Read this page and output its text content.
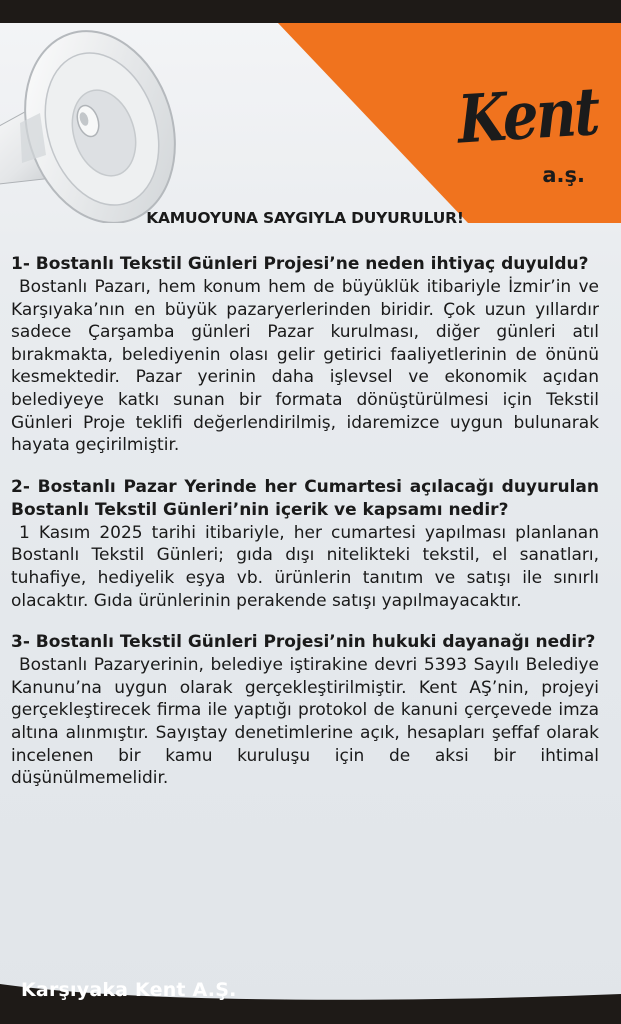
Kent
a.ş.
KAMUOYUNA SAYGIYLA DUYURULUR!

1- Bostanlı Tekstil Günleri Projesi’ne neden ihtiyaç duyuldu?

Bostanlı Pazarı, hem konum hem de büyüklük itibariyle İzmir’in ve Karşıyaka’nın en büyük pazaryerlerinden biridir. Çok uzun yıllardır sadece Çarşamba günleri Pazar kurulması, diğer günleri atıl bırakmakta, belediyenin olası gelir getirici faaliyetlerinin de önünü kesmektedir. Pazar yerinin daha işlevsel ve ekonomik açıdan belediyeye katkı sunan bir formata dönüştürülmesi için Tekstil Günleri Proje teklifi değerlendirilmiş, idaremizce uygun bulunarak hayata geçirilmiştir.

2- Bostanlı Pazar Yerinde her Cumartesi açılacağı duyurulan Bostanlı Tekstil Günleri’nin içerik ve kapsamı nedir?

1 Kasım 2025 tarihi itibariyle, her cumartesi yapılması planlanan Bostanlı Tekstil Günleri; gıda dışı nitelikteki tekstil, el sanatları, tuhafiye, hediyelik eşya vb. ürünlerin tanıtım ve satışı ile sınırlı olacaktır. Gıda ürünlerinin perakende satışı yapılmayacaktır.

3- Bostanlı Tekstil Günleri Projesi’nin hukuki dayanağı nedir?

Bostanlı Pazaryerinin, belediye iştirakine devri 5393 Sayılı Belediye Kanunu’na uygun olarak gerçekleştirilmiştir. Kent AŞ’nin, projeyi gerçekleştirecek firma ile yaptığı protokol de kanuni çerçevede imza altına alınmıştır. Sayıştay denetimlerine açık, hesapları şeffaf olarak incelenen bir kamu kuruluşu için de aksi bir ihtimal düşünülmemelidir.

Karşıyaka Kent A.Ş.
